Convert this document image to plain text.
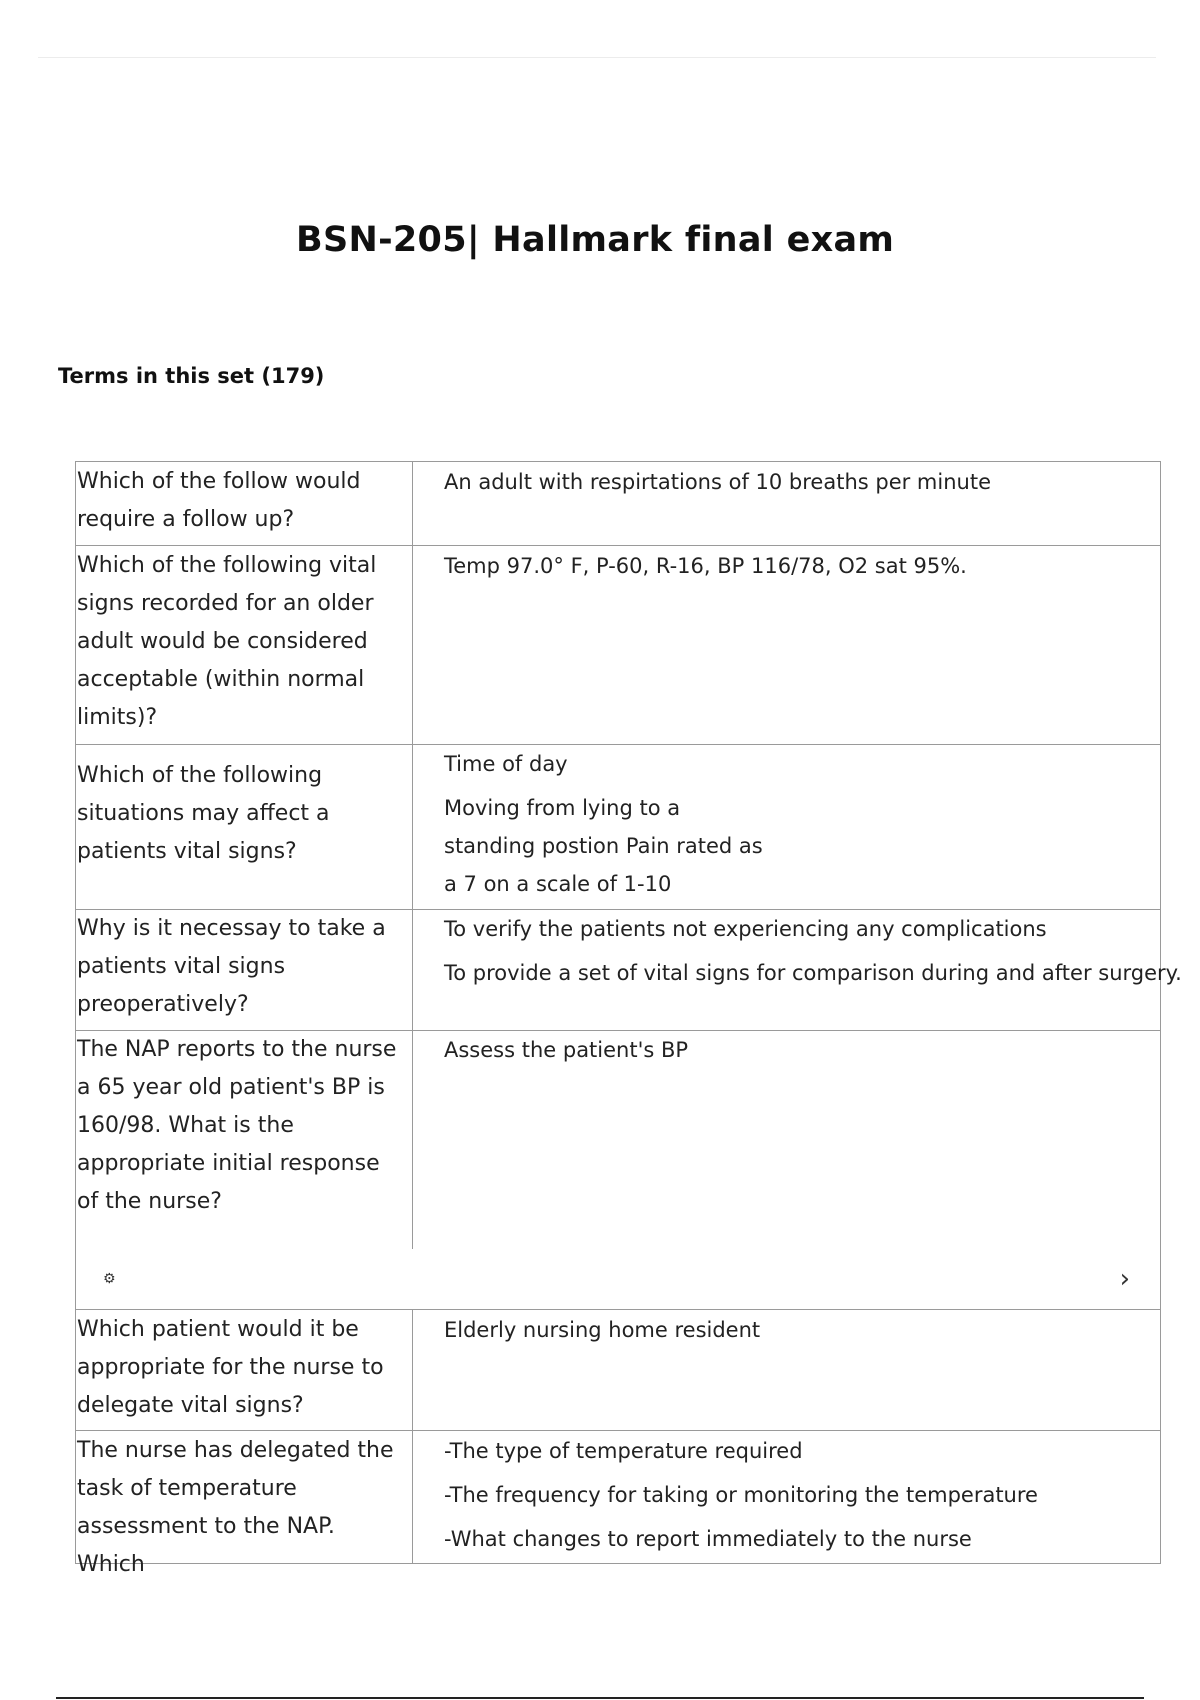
BSN-205| Hallmark final exam
Terms in this set (179)
Which of the follow would require a follow up?

An adult with respirtations of 10 breaths per minute

Which of the following vital signs recorded for an older adult would be considered acceptable (within normal limits)?

Temp 97.0° F, P-60, R-16, BP 116/78, O2 sat 95%.

Which of the following situations may affect a patients vital signs?

Time of day

Moving from lying to a

standing postion Pain rated as

a 7 on a scale of 1-10

Why is it necessay to take a patients vital signs preoperatively?

To verify the patients not experiencing any complications

To provide a set of vital signs for comparison during and after surgery.

The NAP reports to the nurse a 65 year old patient's BP is 160/98. What is the appropriate initial response of the nurse?

Assess the patient's BP

⚙	›
Which patient would it be appropriate for the nurse to delegate vital signs?

Elderly nursing home resident

The nurse has delegated the task of temperature assessment to the NAP. Which

-The type of temperature required

-The frequency for taking or monitoring the temperature

-What changes to report immediately to the nurse
